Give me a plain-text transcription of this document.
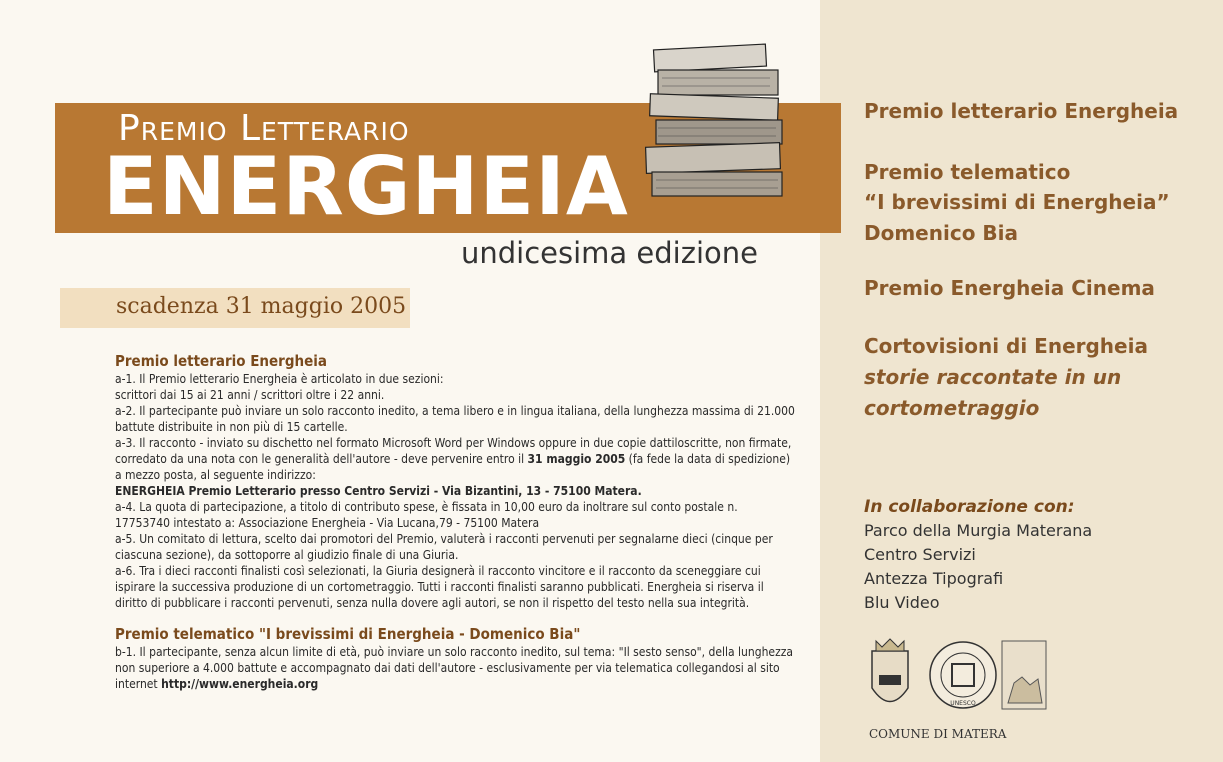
Premio Letterario
ENERGHEIA
undicesima edizione
scadenza 31 maggio 2005
Premio letterario Energheia

a-1. Il Premio letterario Energheia è articolato in due sezioni:

scrittori dai 15 ai 21 anni / scrittori oltre i 22 anni.

a-2. Il partecipante può inviare un solo racconto inedito, a tema libero e in lingua italiana, della lunghezza massima di 21.000 battute distribuite in non più di 15 cartelle.

a-3. Il racconto - inviato su dischetto nel formato Microsoft Word per Windows oppure in due copie dattiloscritte, non firmate, corredato da una nota con le generalità dell'autore - deve pervenire entro il 31 maggio 2005 (fa fede la data di spedizione) a mezzo posta, al seguente indirizzo:

ENERGHEIA Premio Letterario presso Centro Servizi - Via Bizantini, 13 - 75100 Matera.

a-4. La quota di partecipazione, a titolo di contributo spese, è fissata in 10,00 euro da inoltrare sul conto postale n. 17753740 intestato a: Associazione Energheia - Via Lucana,79 - 75100 Matera

a-5. Un comitato di lettura, scelto dai promotori del Premio, valuterà i racconti pervenuti per segnalarne dieci (cinque per ciascuna sezione), da sottoporre al giudizio finale di una Giuria.

a-6. Tra i dieci racconti finalisti così selezionati, la Giuria designerà il racconto vincitore e il racconto da sceneggiare cui ispirare la successiva produzione di un cortometraggio. Tutti i racconti finalisti saranno pubblicati. Energheia si riserva il diritto di pubblicare i racconti pervenuti, senza nulla dovere agli autori, se non il rispetto del testo nella sua integrità.

Premio telematico "I brevissimi di Energheia - Domenico Bia"

b-1. Il partecipante, senza alcun limite di età, può inviare un solo racconto inedito, sul tema: "Il sesto senso", della lunghezza non superiore a 4.000 battute e accompagnato dai dati dell'autore - esclusivamente per via telematica collegandosi al sito internet http://www.energheia.org

Premio letterario Energheia
Premio telematico
“I brevissimi di Energheia”
Domenico Bia
Premio Energheia Cinema
Cortovisioni di Energheia
storie raccontate in un
cortometraggio
In collaborazione con:
Parco della Murgia Materana
Centro Servizi
Antezza Tipografi
Blu Video
UNESCO
COMUNE DI MATERA
